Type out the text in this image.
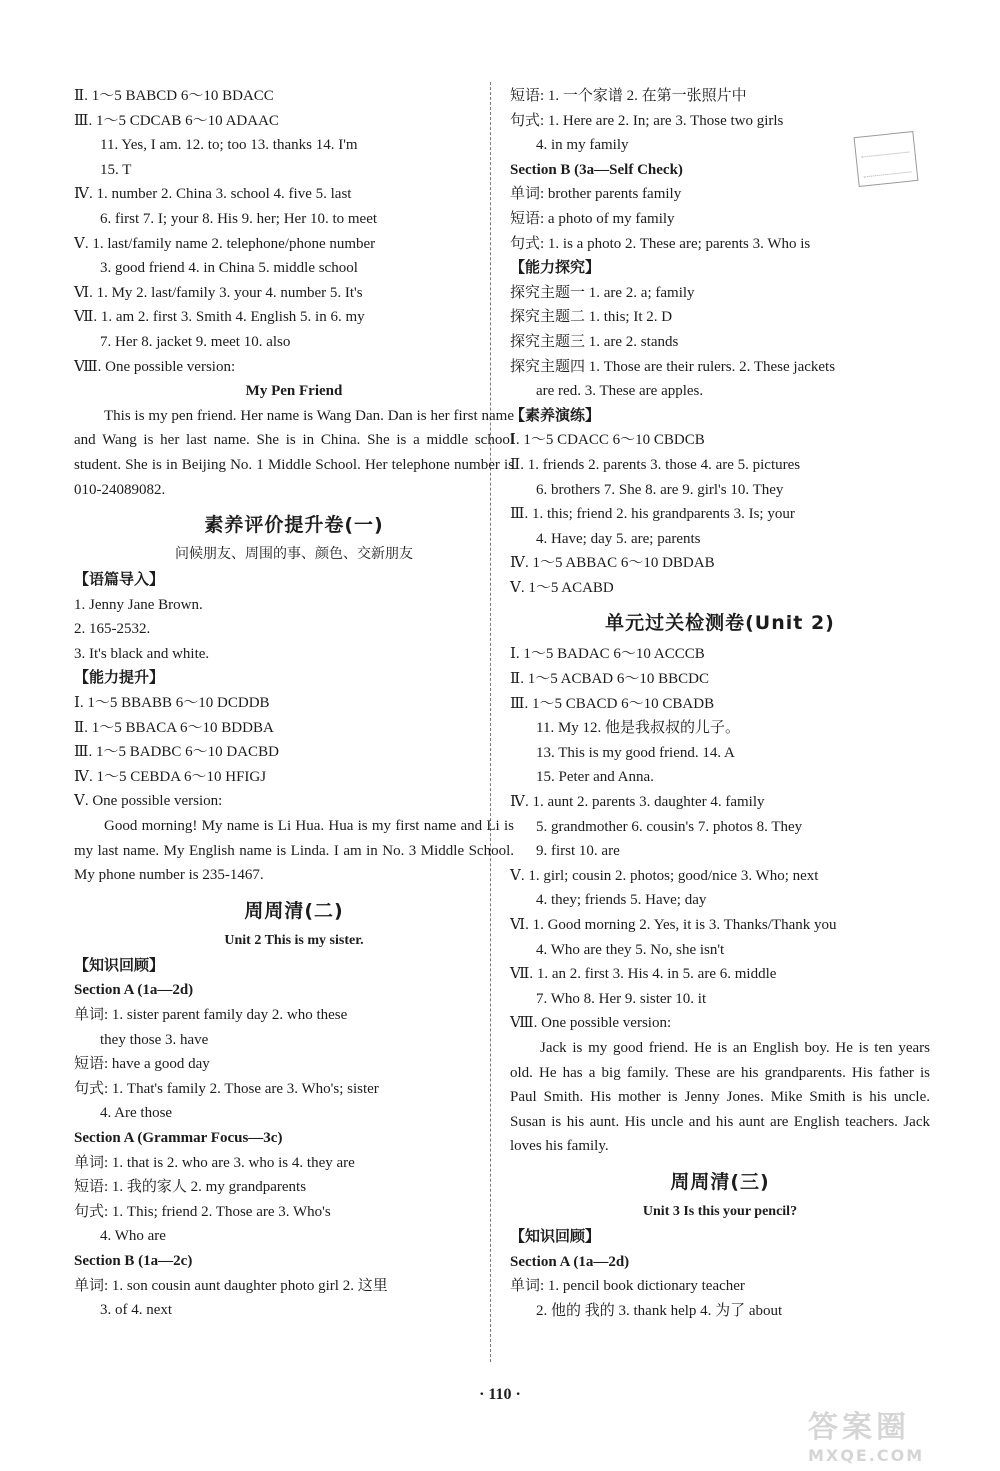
Ⅱ. 1～5 BABCD 6～10 BDACC
Ⅲ. 1～5 CDCAB 6～10 ADAAC
11. Yes, I am. 12. to; too 13. thanks 14. I'm
15. T
Ⅳ. 1. number 2. China 3. school 4. five 5. last
6. first 7. I; your 8. His 9. her; Her 10. to meet
Ⅴ. 1. last/family name 2. telephone/phone number
3. good friend 4. in China 5. middle school
Ⅵ. 1. My 2. last/family 3. your 4. number 5. It's
Ⅶ. 1. am 2. first 3. Smith 4. English 5. in 6. my
7. Her 8. jacket 9. meet 10. also
Ⅷ. One possible version:
My Pen Friend

This is my pen friend. Her name is Wang Dan. Dan is her first name and Wang is her last name. She is in China. She is a middle school student. She is in Beijing No. 1 Middle School. Her telephone number is 010-24089082.

素养评价提升卷(一)
问候朋友、周围的事、颜色、交新朋友
【语篇导入】
1. Jenny Jane Brown.
2. 165-2532.
3. It's black and white.
【能力提升】
Ⅰ. 1～5 BBABB 6～10 DCDDB
Ⅱ. 1～5 BBACA 6～10 BDDBA
Ⅲ. 1～5 BADBC 6～10 DACBD
Ⅳ. 1～5 CEBDA 6～10 HFIGJ
Ⅴ. One possible version:

Good morning! My name is Li Hua. Hua is my first name and Li is my last name. My English name is Linda. I am in No. 3 Middle School. My phone number is 235-1467.

周周清(二)
Unit 2 This is my sister.
【知识回顾】
Section A (1a—2d)
单词: 1. sister parent family day 2. who these
they those 3. have
短语: have a good day
句式: 1. That's family 2. Those are 3. Who's; sister
4. Are those
Section A (Grammar Focus—3c)
单词: 1. that is 2. who are 3. who is 4. they are
短语: 1. 我的家人 2. my grandparents
句式: 1. This; friend 2. Those are 3. Who's
4. Who are
Section B (1a—2c)
单词: 1. son cousin aunt daughter photo girl 2. 这里
3. of 4. next
短语: 1. 一个家谱 2. 在第一张照片中
句式: 1. Here are 2. In; are 3. Those two girls
4. in my family
Section B (3a—Self Check)
单词: brother parents family
短语: a photo of my family
句式: 1. is a photo 2. These are; parents 3. Who is
【能力探究】
探究主题一 1. are 2. a; family
探究主题二 1. this; It 2. D
探究主题三 1. are 2. stands
探究主题四 1. Those are their rulers. 2. These jackets
are red. 3. These are apples.
【素养演练】
Ⅰ. 1～5 CDACC 6～10 CBDCB
Ⅱ. 1. friends 2. parents 3. those 4. are 5. pictures
6. brothers 7. She 8. are 9. girl's 10. They
Ⅲ. 1. this; friend 2. his grandparents 3. Is; your
4. Have; day 5. are; parents
Ⅳ. 1～5 ABBAC 6～10 DBDAB
Ⅴ. 1～5 ACABD
单元过关检测卷(Unit 2)
Ⅰ. 1～5 BADAC 6～10 ACCCB
Ⅱ. 1～5 ACBAD 6～10 BBCDC
Ⅲ. 1～5 CBACD 6～10 CBADB
11. My 12. 他是我叔叔的儿子。
13. This is my good friend. 14. A
15. Peter and Anna.
Ⅳ. 1. aunt 2. parents 3. daughter 4. family
5. grandmother 6. cousin's 7. photos 8. They
9. first 10. are
Ⅴ. 1. girl; cousin 2. photos; good/nice 3. Who; next
4. they; friends 5. Have; day
Ⅵ. 1. Good morning 2. Yes, it is 3. Thanks/Thank you
4. Who are they 5. No, she isn't
Ⅶ. 1. an 2. first 3. His 4. in 5. are 6. middle
7. Who 8. Her 9. sister 10. it
Ⅷ. One possible version:

Jack is my good friend. He is an English boy. He is ten years old. He has a big family. These are his grandparents. His father is Paul Smith. His mother is Jenny Jones. Mike Smith is his uncle. Susan is his aunt. His uncle and his aunt are English teachers. Jack loves his family.

周周清(三)
Unit 3 Is this your pencil?
【知识回顾】
Section A (1a—2d)
单词: 1. pencil book dictionary teacher
2. 他的 我的 3. thank help 4. 为了 about
· 110 ·
答案圈
MXQE.COM
